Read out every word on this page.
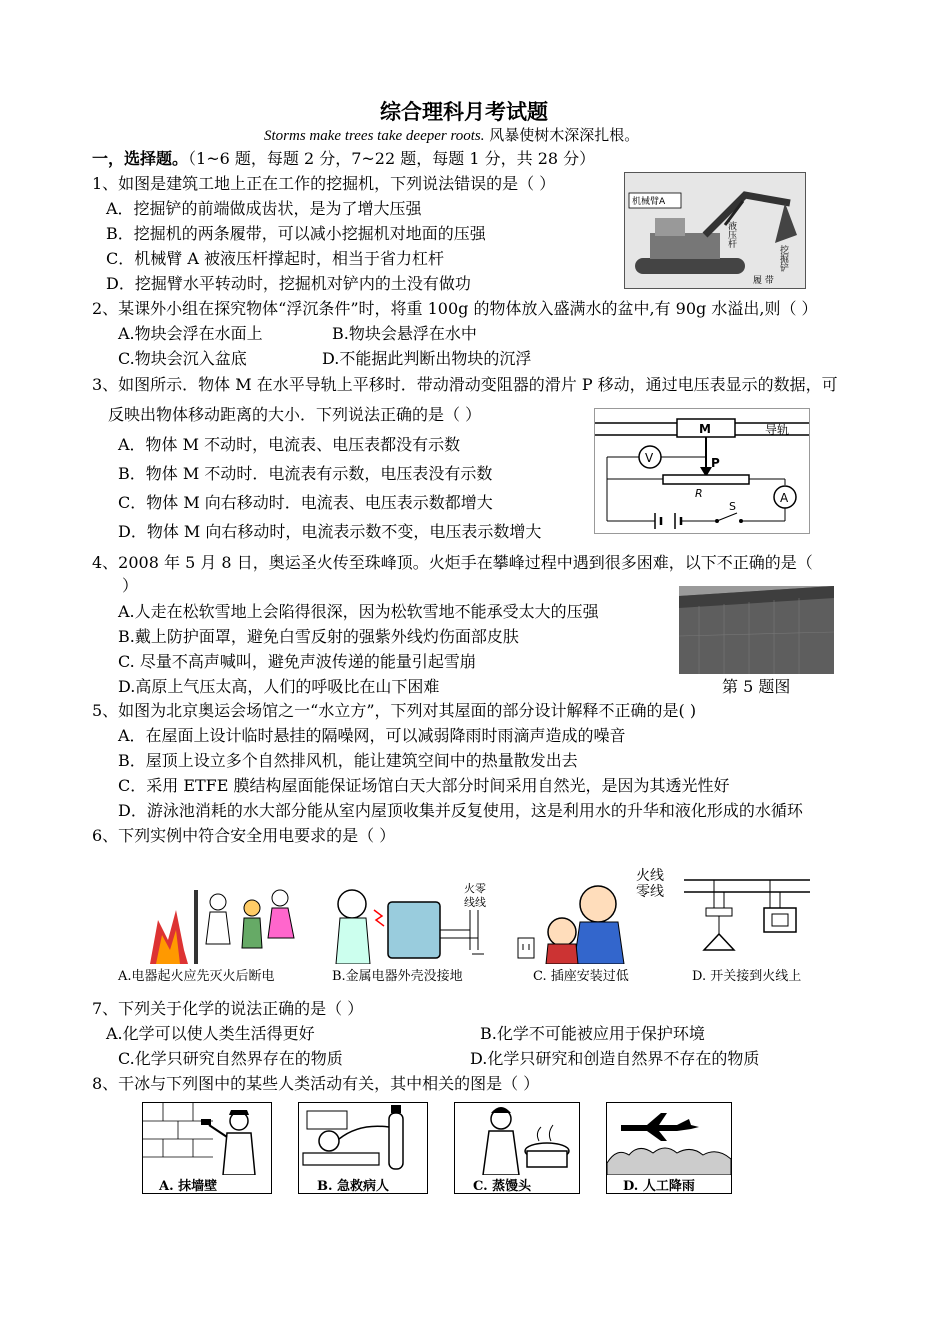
综合理科月考试题
Storms make trees take deeper roots. 风暴使树木深深扎根。
一，选择题。（1~6 题，每题 2 分，7~22 题，每题 1 分，共 28 分）
1、如图是建筑工地上正在工作的挖掘机，下列说法错误的是（ ）
A．挖掘铲的前端做成齿状，是为了增大压强
B．挖掘机的两条履带，可以减小挖掘机对地面的压强
C．机械臂 A 被液压杆撑起时，相当于省力杠杆
D．挖掘臂水平转动时，挖掘机对铲内的土没有做功
机械臂A
液压杆
挖掘铲
履 带
2、某课外小组在探究物体“浮沉条件”时，将重 100g 的物体放入盛满水的盆中,有 90g 水溢出,则（ ）
A.物块会浮在水面上	B.物块会悬浮在水中
C.物块会沉入盆底	D.不能据此判断出物块的沉浮
3、如图所示．物体 M 在水平导轨上平移时．带动滑动变阻器的滑片 P 移动，通过电压表显示的数据，可
反映出物体移动距离的大小．下列说法正确的是（ ）
A．物体 M 不动时，电流表、电压表都没有示数
B．物体 M 不动时．电流表有示数，电压表没有示数
C．物体 M 向右移动时．电流表、电压表示数都增大
D．物体 M 向右移动时，电流表示数不变，电压表示数增大
M	导轨
P
R
V
A
S
4、2008 年 5 月 8 日，奥运圣火传至珠峰顶。火炬手在攀峰过程中遇到很多困难，以下不正确的是（
）
A.人走在松软雪地上会陷得很深，因为松软雪地不能承受太大的压强
B.戴上防护面罩，避免白雪反射的强紫外线灼伤面部皮肤
C. 尽量不高声喊叫，避免声波传递的能量引起雪崩
D.高原上气压太高，人们的呼吸比在山下困难	第 5 题图
5、如图为北京奥运会场馆之一“水立方”，下列对其屋面的部分设计解释不正确的是( )
A．在屋面上设计临时悬挂的隔噪网，可以减弱降雨时雨滴声造成的噪音
B．屋顶上设立多个自然排风机，能让建筑空间中的热量散发出去
C．采用 ETFE 膜结构屋面能保证场馆白天大部分时间采用自然光，是因为其透光性好
D．游泳池消耗的水大部分能从室内屋顶收集并反复使用，这是利用水的升华和液化形成的水循环
6、下列实例中符合安全用电要求的是（ ）
火零
线线
火线
零线
A.电器起火应先灭火后断电	B.金属电器外壳没接地	C. 插座安装过低	D. 开关接到火线上
7、下列关于化学的说法正确的是（ ）
A.化学可以使人类生活得更好	B.化学不可能被应用于保护环境
C.化学只研究自然界存在的物质	D.化学只研究和创造自然界不存在的物质
8、干冰与下列图中的某些人类活动有关，其中相关的图是（ ）
A. 抹墙壁	B. 急救病人	C. 蒸馒头	D. 人工降雨
